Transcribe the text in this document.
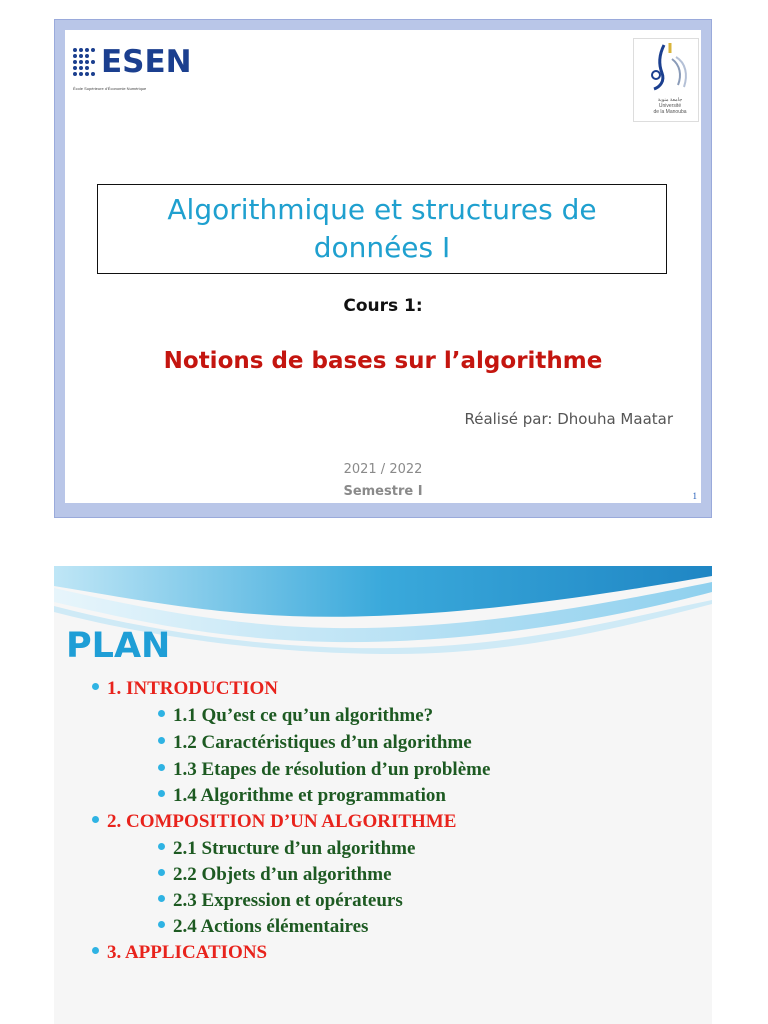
ESEN
École Supérieure d'Économie Numérique
جامعة منوبة
Université
de la Manouba
Algorithmique et structures de données I
Cours 1:
Notions de bases sur l’algorithme
Réalisé par: Dhouha Maatar
2021 / 2022
Semestre I	1
PLAN
1. INTRODUCTION
1.1 Qu’est ce qu’un algorithme?
1.2 Caractéristiques d’un algorithme
1.3 Etapes de résolution d’un problème
1.4 Algorithme et programmation
2. COMPOSITION D’UN ALGORITHME
2.1 Structure d’un algorithme
2.2 Objets d’un algorithme
2.3 Expression et opérateurs
2.4 Actions élémentaires
3. APPLICATIONS
